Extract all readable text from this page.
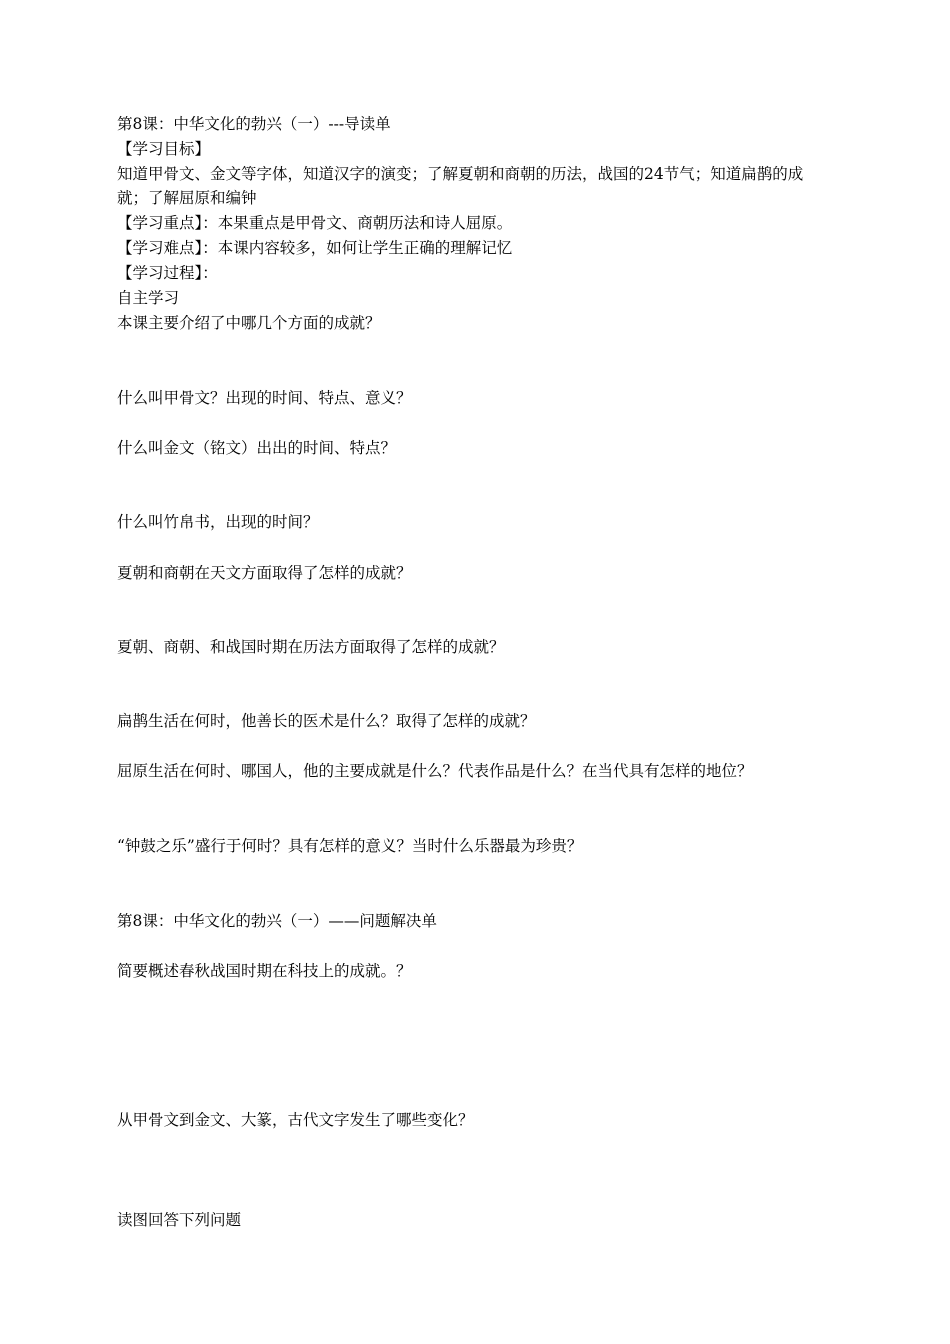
第8课：中华文化的勃兴（一）---导读单
【学习目标】
知道甲骨文、金文等字体，知道汉字的演变；了解夏朝和商朝的历法，战国的24节气；知道扁鹊的成就；了解屈原和编钟
【学习重点】：本果重点是甲骨文、商朝历法和诗人屈原。
【学习难点】：本课内容较多，如何让学生正确的理解记忆
【学习过程】：
自主学习
本课主要介绍了中哪几个方面的成就？
什么叫甲骨文？出现的时间、特点、意义？
什么叫金文（铭文）出出的时间、特点？
什么叫竹帛书，出现的时间？
夏朝和商朝在天文方面取得了怎样的成就？
夏朝、商朝、和战国时期在历法方面取得了怎样的成就？
扁鹊生活在何时，他善长的医术是什么？取得了怎样的成就？
屈原生活在何时、哪国人，他的主要成就是什么？代表作品是什么？在当代具有怎样的地位？
“钟鼓之乐”盛行于何时？具有怎样的意义？当时什么乐器最为珍贵？
第8课：中华文化的勃兴（一）——问题解决单
简要概述春秋战国时期在科技上的成就。？
从甲骨文到金文、大篆，古代文字发生了哪些变化？
读图回答下列问题
